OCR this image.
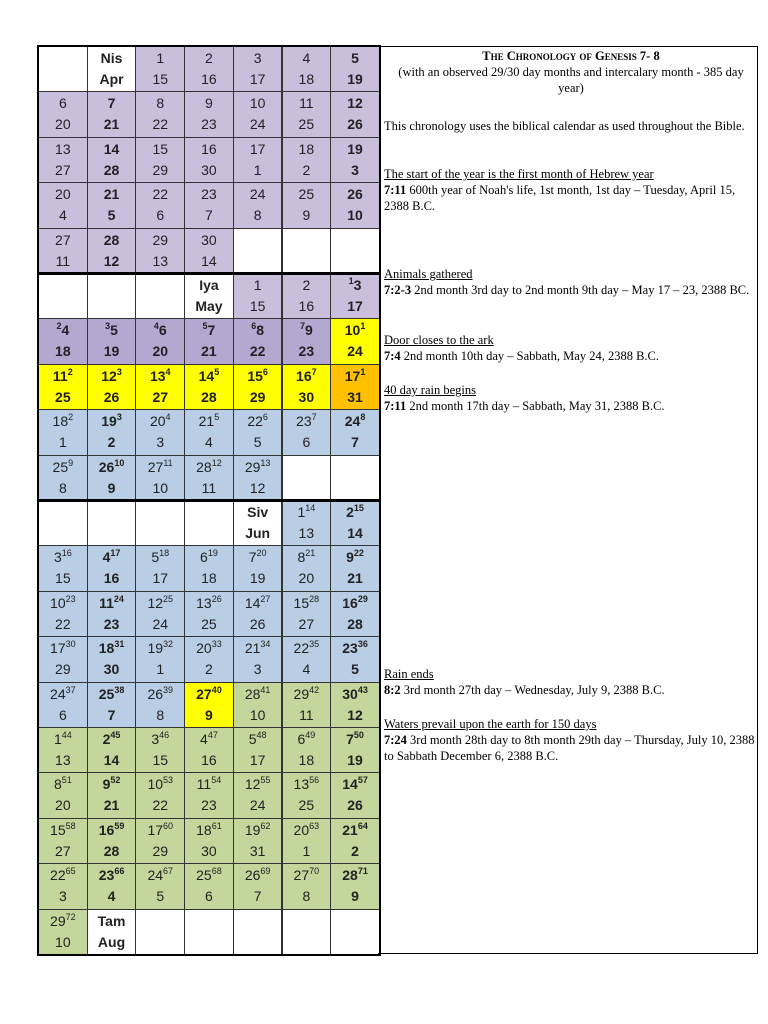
Nis
Apr
1
15
2
16
3
17
4
18
5
19
6
20
7
21
8
22
9
23
10
24
11
25
12
26
13
27
14
28
15
29
16
30
17
1
18
2
19
3
20
4
21
5
22
6
23
7
24
8
25
9
26
10
27
11
28
12
29
13
30
14
Iya
May
1
15
2
16
$^1$3
17
$^2$4
18
$^3$5
19
$^4$6
20
$^5$7
21
$^6$8
22
$^7$9
23
$10^1$
24
$11^2$
25
$12^3$
26
$13^4$
27
$14^5$
28
$15^6$
29
$16^7$
30
$17^1$
31
$18^2$
1
$19^3$
2
$20^4$
3
$21^5$
4
$22^6$
5
$23^7$
6
$24^8$
7
$25^9$
8
$26^{10}$
9
$27^{11}$
10
$28^{12}$
11
$29^{13}$
12
Siv
Jun
$1^{14}$
13
$2^{15}$
14
$3^{16}$
15
$4^{17}$
16
$5^{18}$
17
$6^{19}$
18
$7^{20}$
19
$8^{21}$
20
$9^{22}$
21
$10^{23}$
22
$11^{24}$
23
$12^{25}$
24
$13^{26}$
25
$14^{27}$
26
$15^{28}$
27
$16^{29}$
28
$17^{30}$
29
$18^{31}$
30
$19^{32}$
1
$20^{33}$
2
$21^{34}$
3
$22^{35}$
4
$23^{36}$
5
$24^{37}$
6
$25^{38}$
7
$26^{39}$
8
$27^{40}$
9
$28^{41}$
10
$29^{42}$
11
$30^{43}$
12
$1^{44}$
13
$2^{45}$
14
$3^{46}$
15
$4^{47}$
16
$5^{48}$
17
$6^{49}$
18
$7^{50}$
19
$8^{51}$
20
$9^{52}$
21
$10^{53}$
22
$11^{54}$
23
$12^{55}$
24
$13^{56}$
25
$14^{57}$
26
$15^{58}$
27
$16^{59}$
28
$17^{60}$
29
$18^{61}$
30
$19^{62}$
31
$20^{63}$
1
$21^{64}$
2
$22^{65}$
3
$23^{66}$
4
$24^{67}$
5
$25^{68}$
6
$26^{69}$
7
$27^{70}$
8
$28^{71}$
9
$29^{72}$
10
Tam
Aug
The Chronology of Genesis 7- 8
(with an observed 29/30 day months and intercalary month - 385 day year)
This chronology uses the biblical calendar as used throughout the Bible.
The start of the year is the first month of Hebrew year
7:11 600th year of Noah's life, 1st month, 1st day – Tuesday, April 15, 2388 B.C.
Animals gathered
7:2-3 2nd month 3rd day to 2nd month 9th day – May 17 – 23, 2388 BC.
Door closes to the ark
7:4 2nd month 10th day – Sabbath, May 24, 2388 B.C.
40 day rain begins
7:11 2nd month 17th day – Sabbath, May 31, 2388 B.C.
Rain ends
8:2 3rd month 27th day – Wednesday, July 9, 2388 B.C.
Waters prevail upon the earth for 150 days
7:24 3rd month 28th day to 8th month 29th day – Thursday, July 10, 2388 to Sabbath December 6, 2388 B.C.
